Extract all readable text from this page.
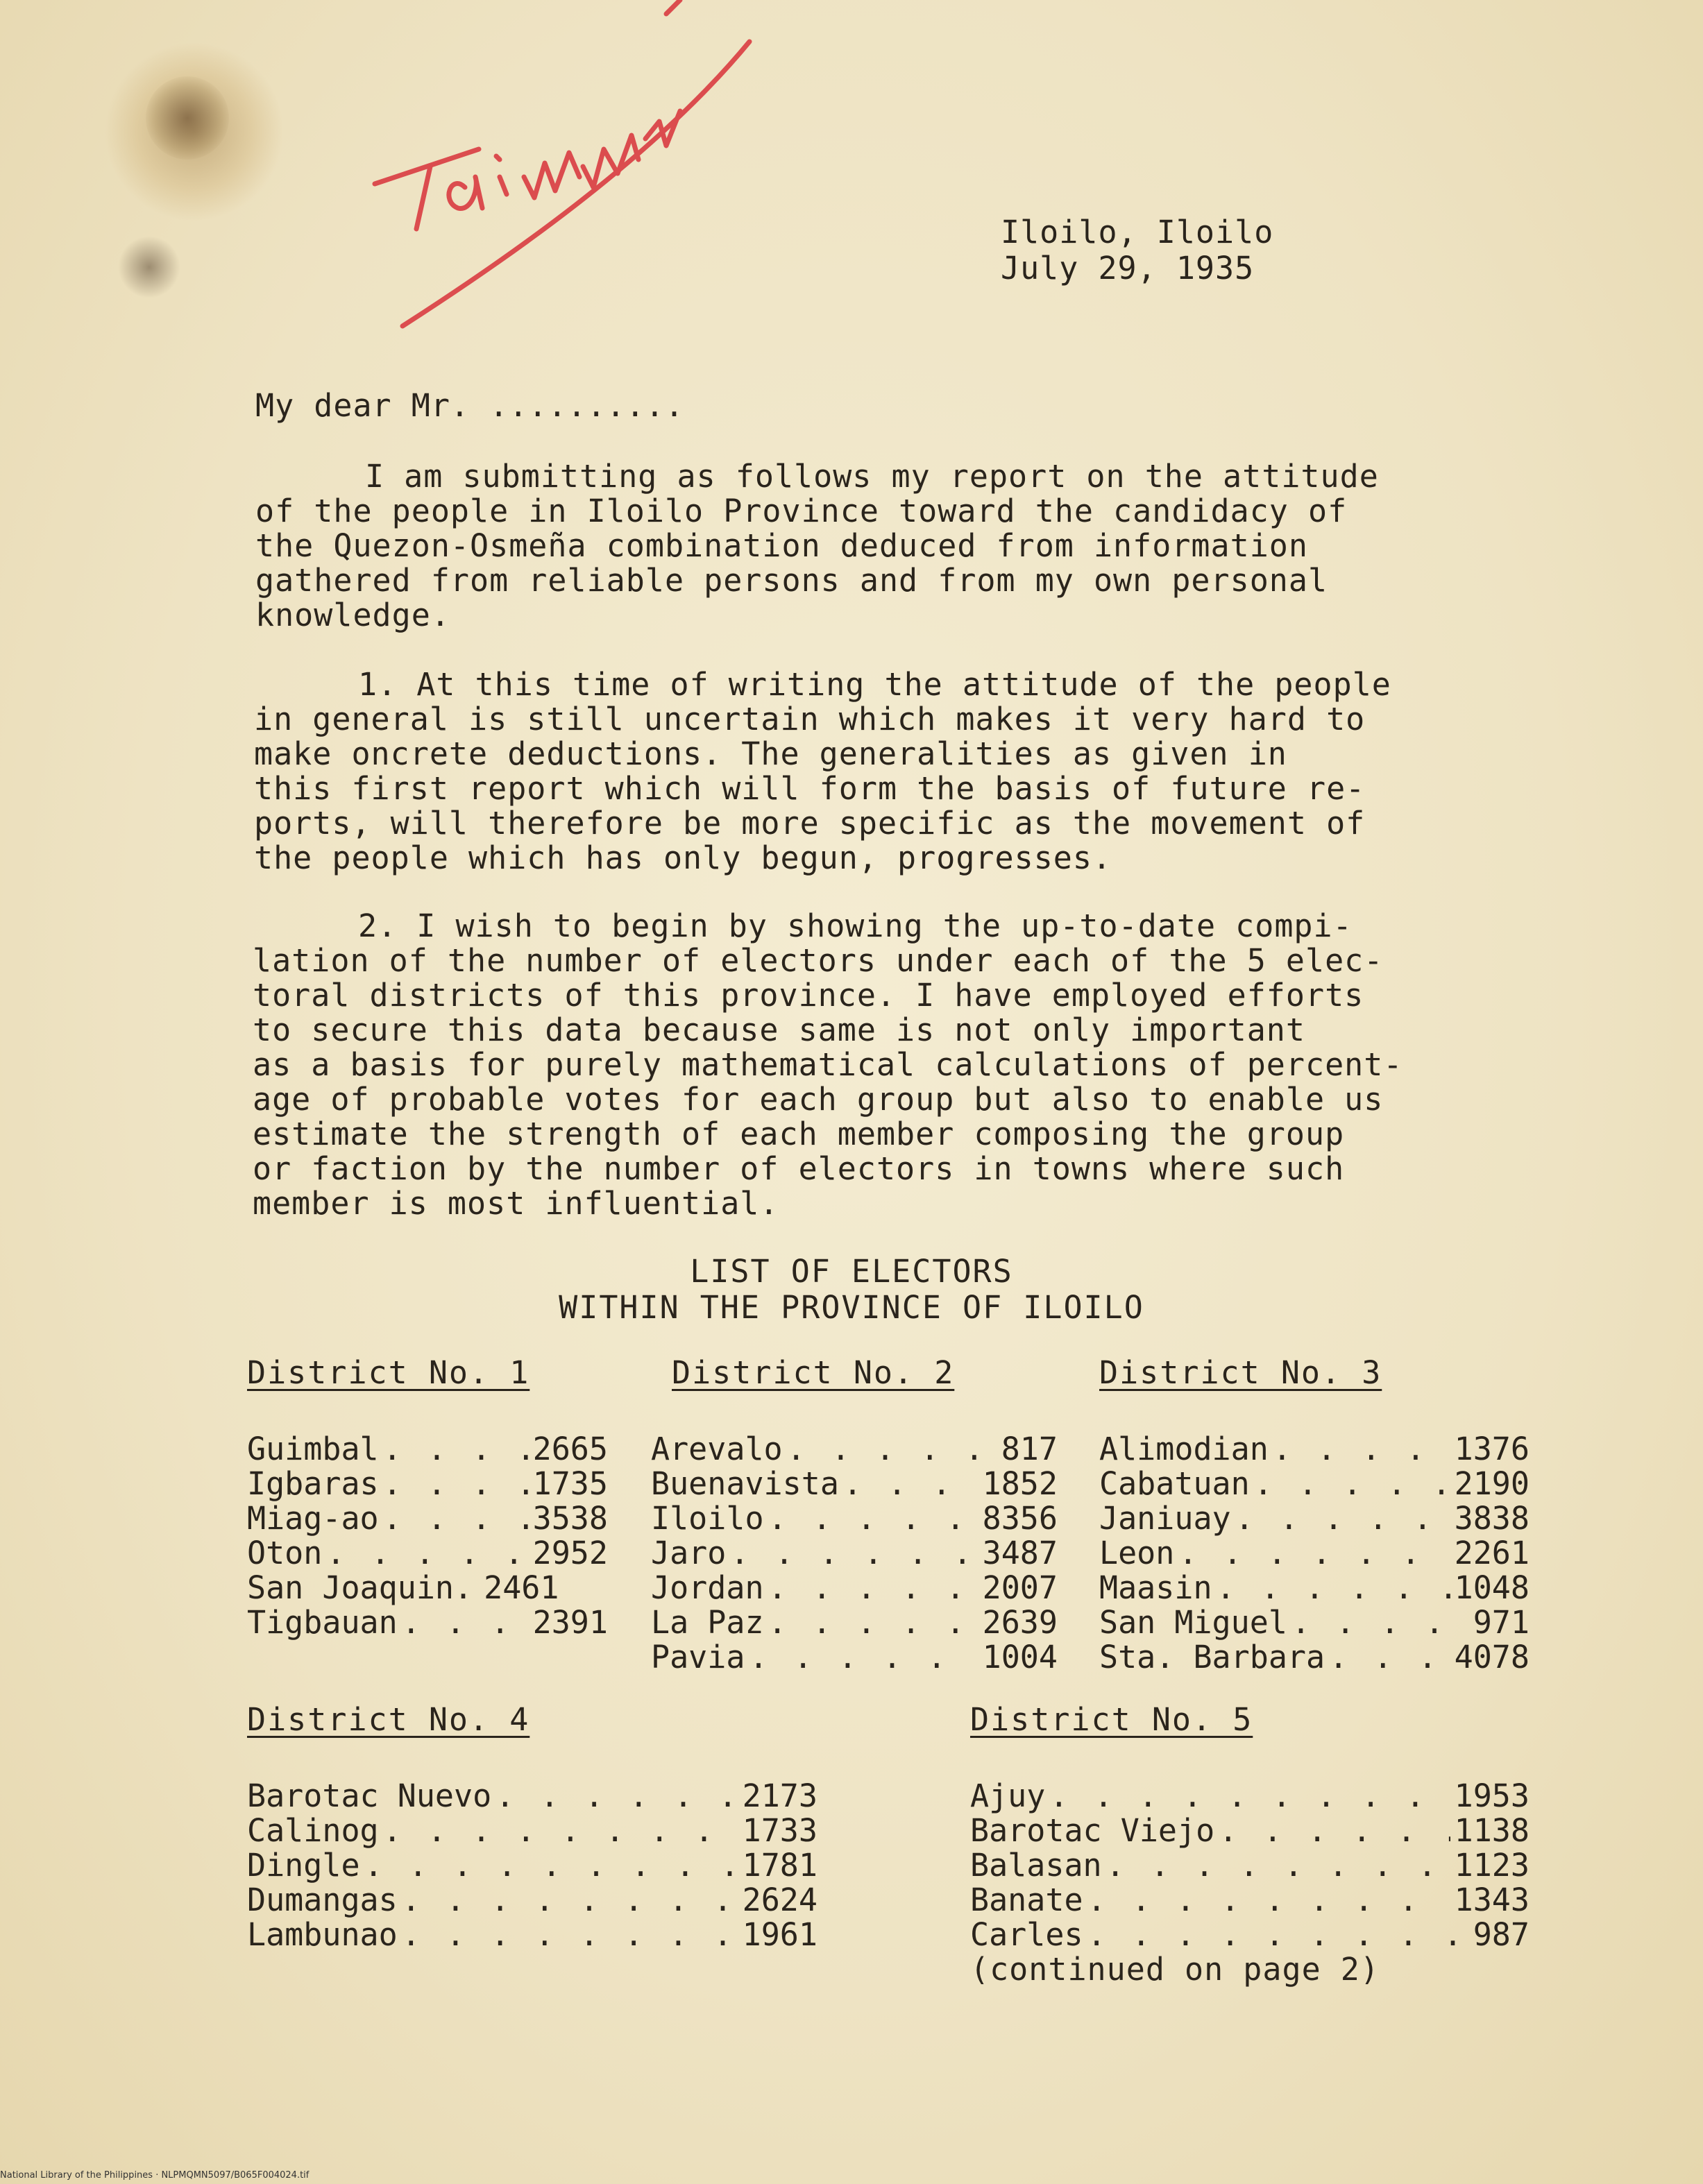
Iloilo, Iloilo
July 29, 1935
My dear Mr. ..........
I am submitting as follows my report on the attitude
of the people in Iloilo Province toward the candidacy of
the Quezon-Osmeña combination deduced from information
gathered from reliable persons and from my own personal
knowledge.
1. At this time of writing the attitude of the people
in general is still uncertain which makes it very hard to
make oncrete deductions. The generalities as given in
this first report which will form the basis of future re-
ports, will therefore be more specific as the movement of
the people which has only begun, progresses.
2. I wish to begin by showing the up-to-date compi-
lation of the number of electors under each of the 5 elec-
toral districts of this province. I have employed efforts
to secure this data because same is not only important
as a basis for purely mathematical calculations of percent-
age of probable votes for each group but also to enable us
estimate the strength of each member composing the group
or faction by the number of electors in towns where such
member is most influential.
LIST OF ELECTORS
WITHIN THE PROVINCE OF ILOILO
District No. 1	District No. 2	District No. 3
District No. 4	District No. 5
Guimbal . . .	2665
Igbaras . . .	1735
Miag-ao . . .	3538
Oton . . .	2952
San Joaquin. 2461
Tigbauan . . .	2391
Arevalo . . .	817
Buenavista . . .	1852
Iloilo . . .	8356
Jaro . . .	3487
Jordan . . .	2007
La Paz . . .	2639
Pavia . . .	1004
Alimodian . . .	1376
Cabatuan . . .	2190
Janiuay . . .	3838
Leon . . .	2261
Maasin . . .	1048
San Miguel . . .	971
Sta. Barbara . . .	4078
Barotac Nuevo . . .	2173
Calinog . . .	1733
Dingle . . .	1781
Dumangas . . .	2624
Lambunao . . .	1961
Ajuy . . .	1953
Barotac Viejo . . .	1138
Balasan . . .	1123
Banate . . .	1343
Carles . . .	987
(continued on page 2)
National Library of the Philippines · NLPMQMN5097/B065F004024.tif
